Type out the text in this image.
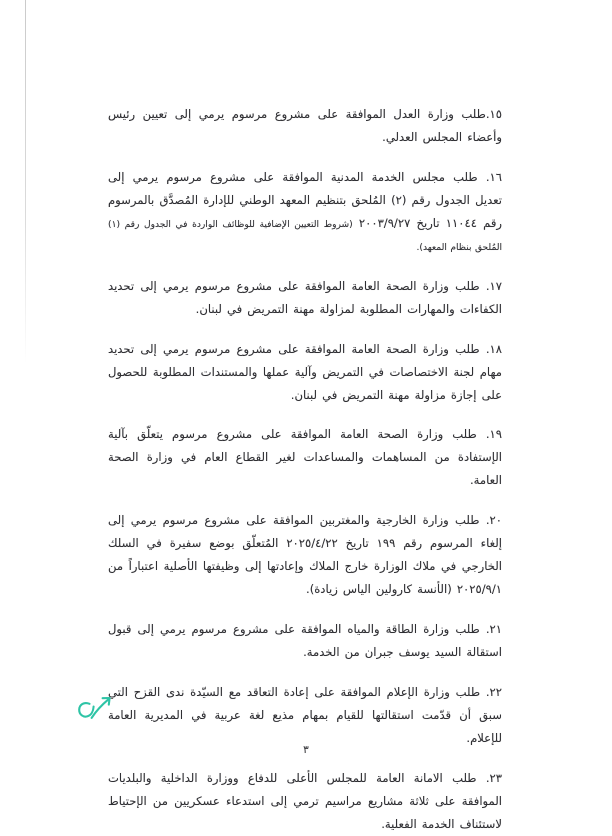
١٥.طلب وزارة العدل الموافقة على مشروع مرسوم يرمي إلى تعيين رئيس وأعضاء المجلس العدلي.

١٦. طلب مجلس الخدمة المدنية الموافقة على مشروع مرسوم يرمي إلى تعديل الجدول رقم (٢) المُلحق بتنظيم المعهد الوطني للإدارة المُصدَّق بالمرسوم رقم ١١٠٤٤ تاريخ ٢٠٠٣/٩/٢٧ (شروط التعيين الإضافية للوظائف الواردة في الجدول رقم (١) المُلحق بنظام المعهد).

١٧. طلب وزارة الصحة العامة الموافقة على مشروع مرسوم يرمي إلى تحديد الكفاءات والمهارات المطلوبة لمزاولة مهنة التمريض في لبنان.

١٨. طلب وزارة الصحة العامة الموافقة على مشروع مرسوم يرمي إلى تحديد مهام لجنة الاختصاصات في التمريض وآلية عملها والمستندات المطلوبة للحصول على إجازة مزاولة مهنة التمريض في لبنان.

١٩. طلب وزارة الصحة العامة الموافقة على مشروع مرسوم يتعلّق بآلية الإستفادة من المساهمات والمساعدات لغير القطاع العام في وزارة الصحة العامة.

٢٠. طلب وزارة الخارجية والمغتربين الموافقة على مشروع مرسوم يرمي إلى إلغاء المرسوم رقم ١٩٩ تاريخ ٢٠٢٥/٤/٢٢ المُتعلّق بوضع سفيرة في السلك الخارجي في ملاك الوزارة خارج الملاك وإعادتها إلى وظيفتها الأصلية اعتباراً من ٢٠٢٥/٩/١ (الأنسة كارولين الياس زيادة).

٢١. طلب وزارة الطاقة والمياه الموافقة على مشروع مرسوم يرمي إلى قبول استقالة السيد يوسف جبران من الخدمة.

٢٢. طلب وزارة الإعلام الموافقة على إعادة التعاقد مع السيّدة ندى القزح التي سبق أن قدّمت استقالتها للقيام بمهام مذيع لغة عربية في المديرية العامة للإعلام.

٢٣. طلب الامانة العامة للمجلس الأعلى للدفاع ووزارة الداخلية والبلديات الموافقة على ثلاثة مشاريع مراسيم ترمي إلى استدعاء عسكريين من الإحتياط لاستئناف الخدمة الفعلية.

٣
